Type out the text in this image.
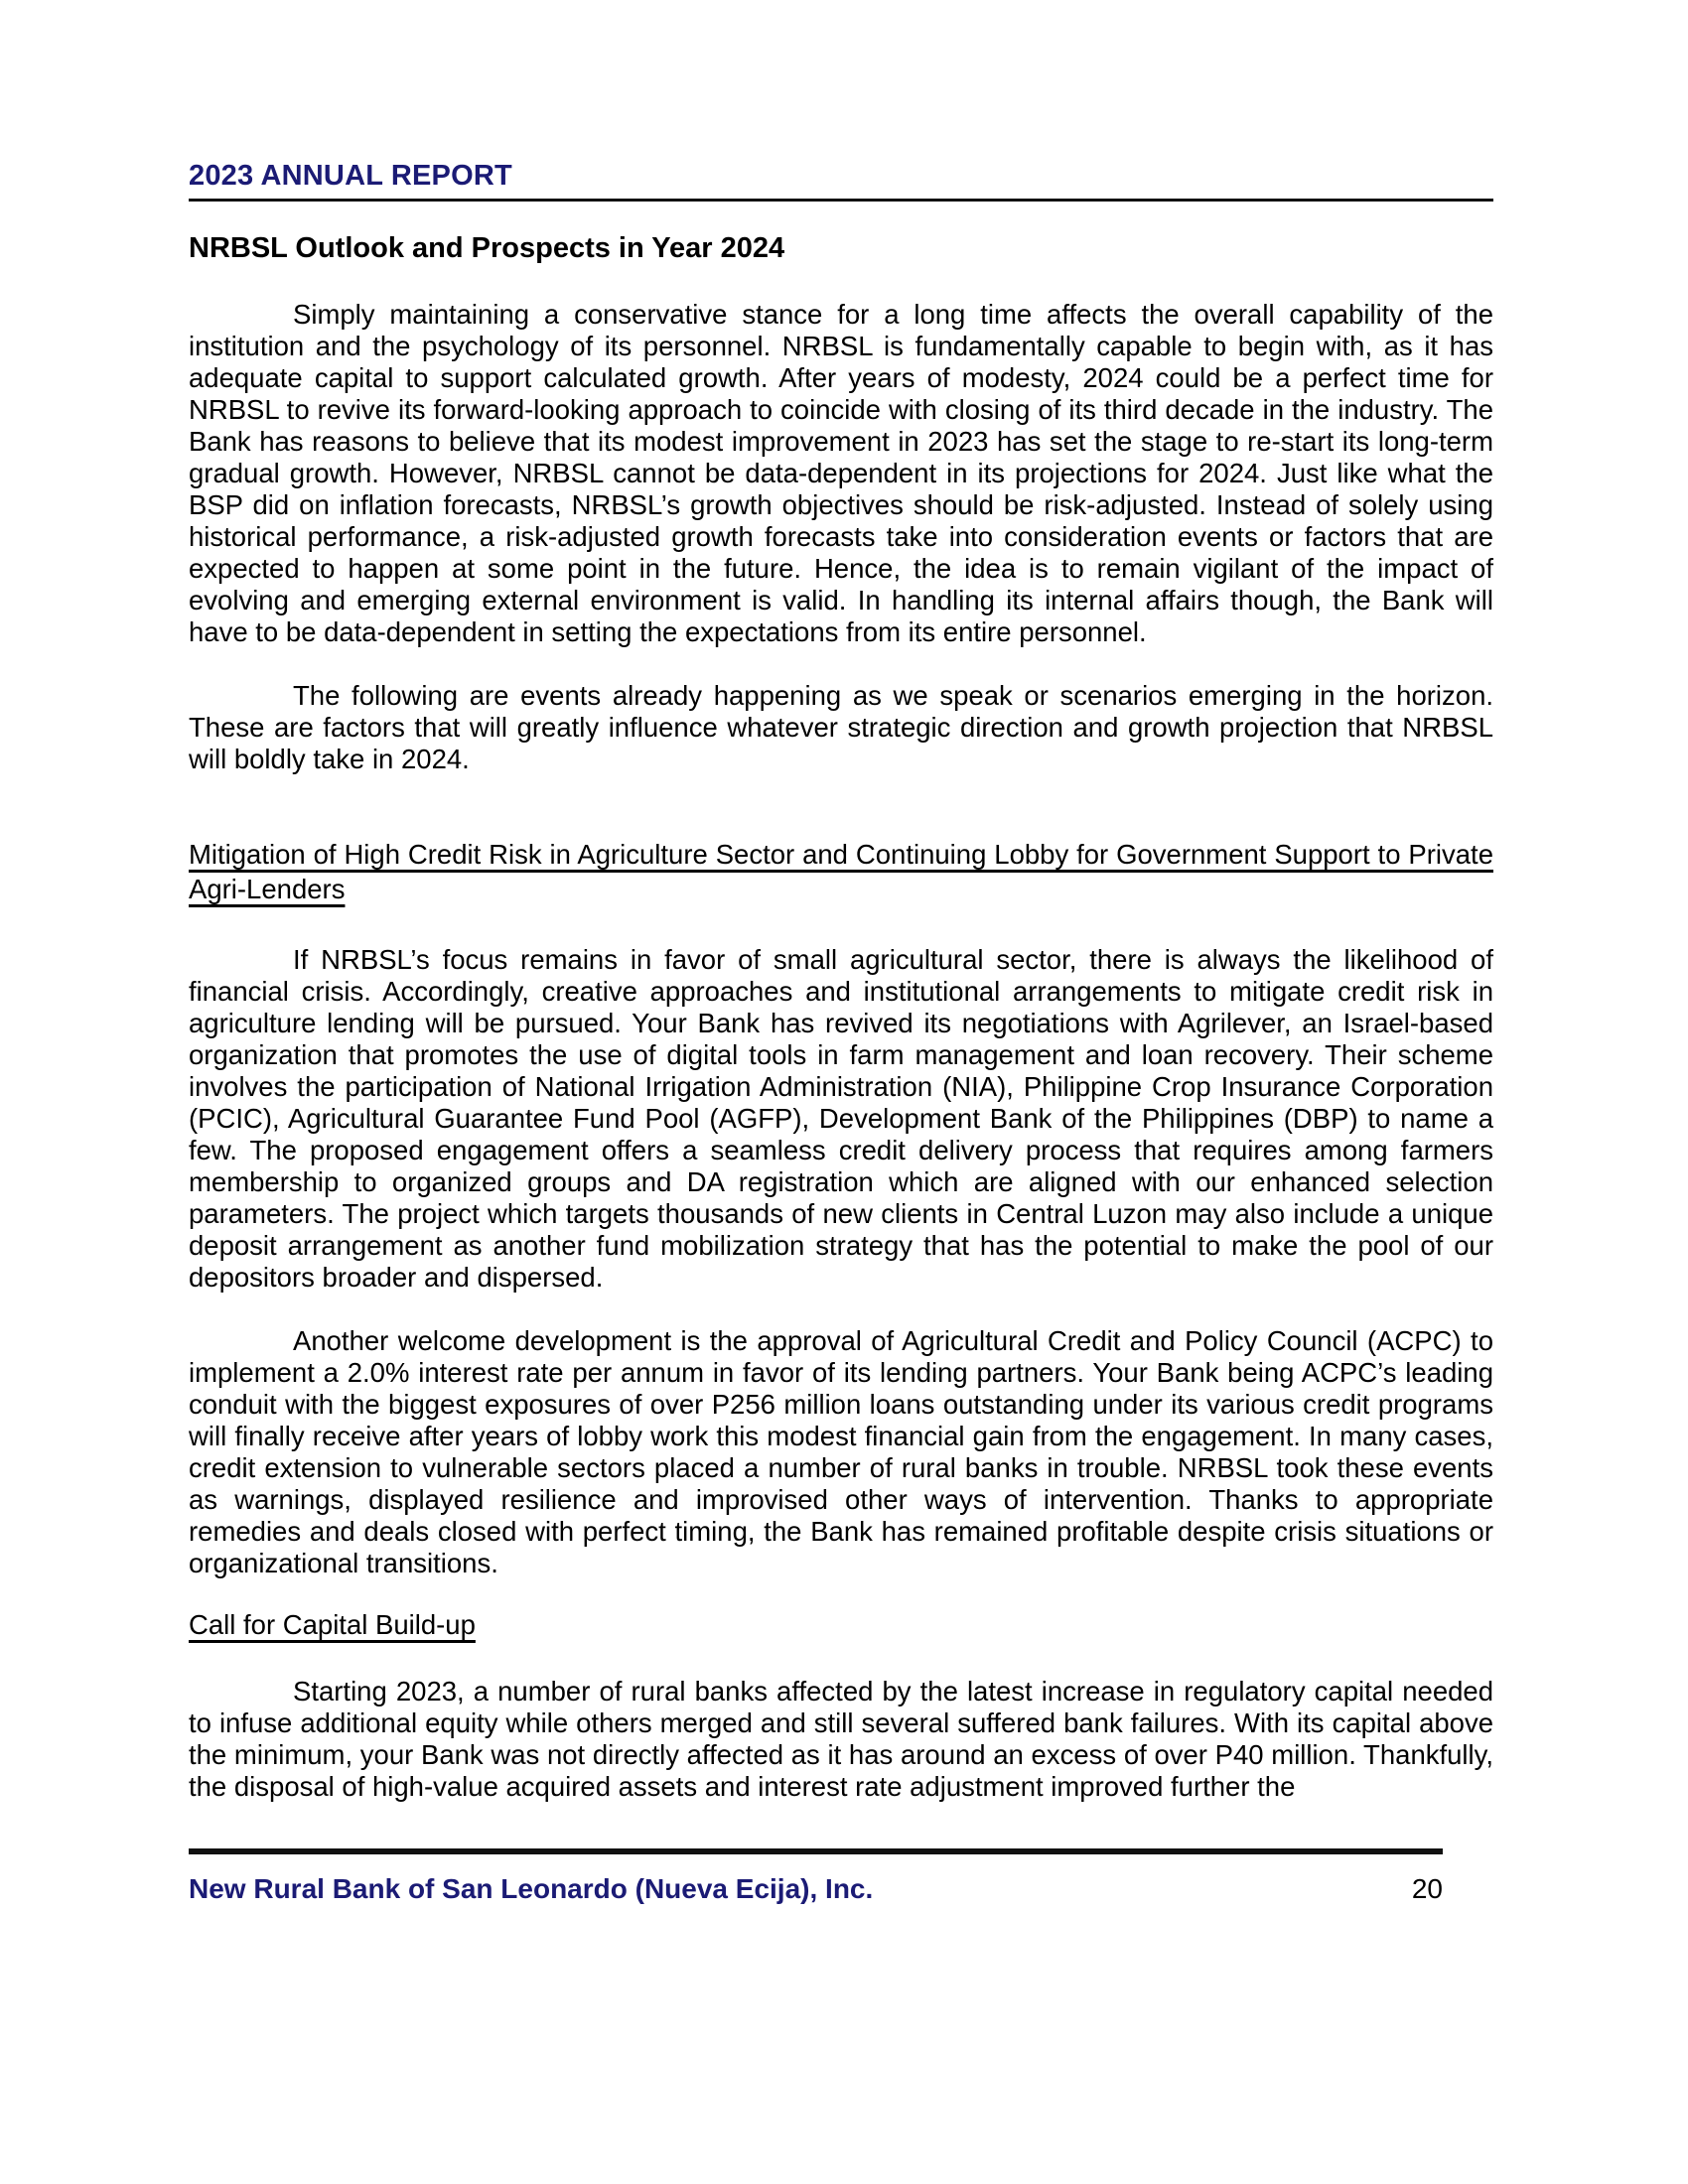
2023 ANNUAL REPORT
NRBSL Outlook and Prospects in Year 2024

Simply maintaining a conservative stance for a long time affects the overall capability of the institution and the psychology of its personnel. NRBSL is fundamentally capable to begin with, as it has adequate capital to support calculated growth. After years of modesty, 2024 could be a perfect time for NRBSL to revive its forward-looking approach to coincide with closing of its third decade in the industry. The Bank has reasons to believe that its modest improvement in 2023 has set the stage to re-start its long-term gradual growth. However, NRBSL cannot be data-dependent in its projections for 2024. Just like what the BSP did on inflation forecasts, NRBSL’s growth objectives should be risk-adjusted. Instead of solely using historical performance, a risk-adjusted growth forecasts take into consideration events or factors that are expected to happen at some point in the future. Hence, the idea is to remain vigilant of the impact of evolving and emerging external environment is valid. In handling its internal affairs though, the Bank will have to be data-dependent in setting the expectations from its entire personnel.

The following are events already happening as we speak or scenarios emerging in the horizon. These are factors that will greatly influence whatever strategic direction and growth projection that NRBSL will boldly take in 2024.

Mitigation of High Credit Risk in Agriculture Sector and Continuing Lobby for Government Support to Private Agri-Lenders

If NRBSL’s focus remains in favor of small agricultural sector, there is always the likelihood of financial crisis. Accordingly, creative approaches and institutional arrangements to mitigate credit risk in agriculture lending will be pursued. Your Bank has revived its negotiations with Agrilever, an Israel-based organization that promotes the use of digital tools in farm management and loan recovery. Their scheme involves the participation of National Irrigation Administration (NIA), Philippine Crop Insurance Corporation (PCIC), Agricultural Guarantee Fund Pool (AGFP), Development Bank of the Philippines (DBP) to name a few. The proposed engagement offers a seamless credit delivery process that requires among farmers membership to organized groups and DA registration which are aligned with our enhanced selection parameters. The project which targets thousands of new clients in Central Luzon may also include a unique deposit arrangement as another fund mobilization strategy that has the potential to make the pool of our depositors broader and dispersed.

Another welcome development is the approval of Agricultural Credit and Policy Council (ACPC) to implement a 2.0% interest rate per annum in favor of its lending partners. Your Bank being ACPC’s leading conduit with the biggest exposures of over P256 million loans outstanding under its various credit programs will finally receive after years of lobby work this modest financial gain from the engagement. In many cases, credit extension to vulnerable sectors placed a number of rural banks in trouble. NRBSL took these events as warnings, displayed resilience and improvised other ways of intervention. Thanks to appropriate remedies and deals closed with perfect timing, the Bank has remained profitable despite crisis situations or organizational transitions.

Call for Capital Build-up

Starting 2023, a number of rural banks affected by the latest increase in regulatory capital needed to infuse additional equity while others merged and still several suffered bank failures. With its capital above the minimum, your Bank was not directly affected as it has around an excess of over P40 million. Thankfully, the disposal of high-value acquired assets and interest rate adjustment improved further the

New Rural Bank of San Leonardo (Nueva Ecija), Inc.	20
